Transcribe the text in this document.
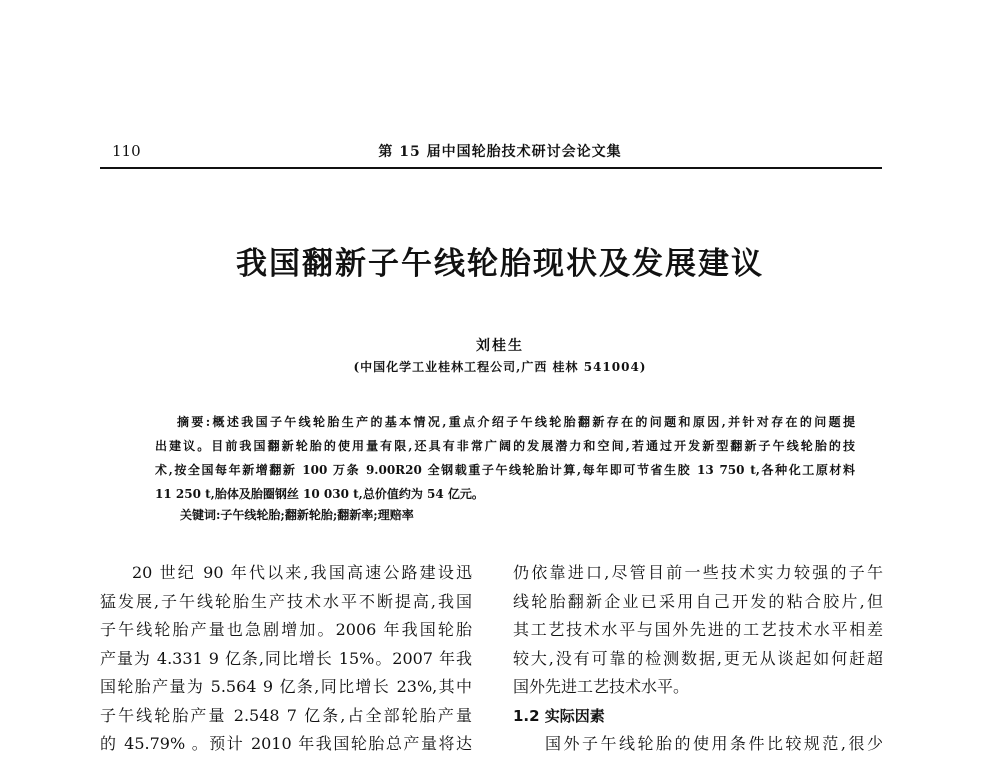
110	第 15 届中国轮胎技术研讨会论文集
我国翻新子午线轮胎现状及发展建议
刘桂生
(中国化学工业桂林工程公司,广西 桂林 541004)
摘要:概述我国子午线轮胎生产的基本情况,重点介绍子午线轮胎翻新存在的问题和原因,并针对存在的问题提
出建议。目前我国翻新轮胎的使用量有限,还具有非常广阔的发展潜力和空间,若通过开发新型翻新子午线轮胎的技
术,按全国每年新增翻新 100 万条 9.00R20 全钢载重子午线轮胎计算,每年即可节省生胶 13 750 t,各种化工原材料
11 250 t,胎体及胎圈钢丝 10 030 t,总价值约为 54 亿元。
关键词:子午线轮胎;翻新轮胎;翻新率;理赔率
20 世纪 90 年代以来,我国高速公路建设迅
猛发展,子午线轮胎生产技术水平不断提高,我国
子午线轮胎产量也急剧增加。2006 年我国轮胎
产量为 4.331 9 亿条,同比增长 15%。2007 年我
国轮胎产量为 5.564 9 亿条,同比增长 23%,其中
子午线轮胎产量 2.548 7 亿条,占全部轮胎产量
的 45.79% 。预计 2010 年我国轮胎总产量将达
仍依靠进口,尽管目前一些技术实力较强的子午
线轮胎翻新企业已采用自己开发的粘合胶片,但
其工艺技术水平与国外先进的工艺技术水平相差
较大,没有可靠的检测数据,更无从谈起如何赶超
国外先进工艺技术水平。
1.2 实际因素
国外子午线轮胎的使用条件比较规范,很少
